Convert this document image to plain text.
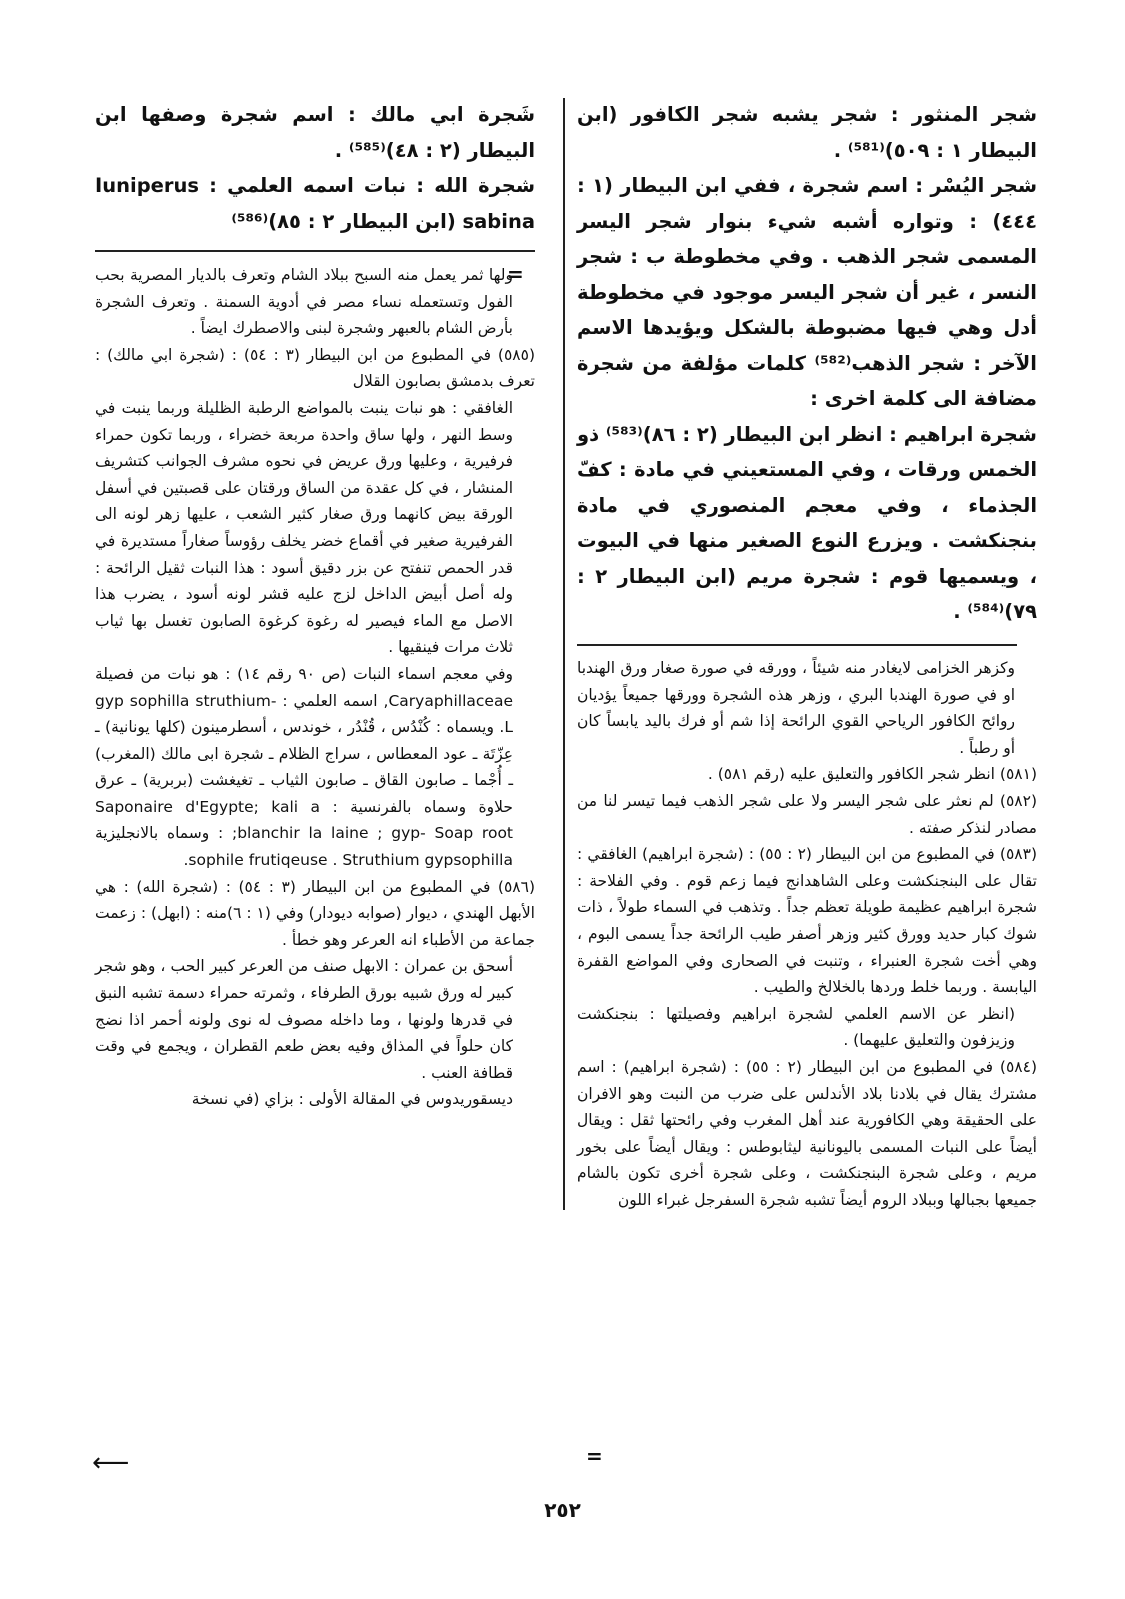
شجر المنثور : شجر يشبه شجر الكافور (ابن البيطار ١ : ٥٠٩)⁽⁵⁸¹⁾ .

شجر اليُسْر : اسم شجرة ، ففي ابن البيطار (١ : ٤٤٤) : وتواره أشبه شيء بنوار شجر اليسر المسمى شجر الذهب . وفي مخطوطة ب : شجر النسر ، غير أن شجر اليسر موجود في مخطوطة أدل وهي فيها مضبوطة بالشكل ويؤيدها الاسم الآخر : شجر الذهب⁽⁵⁸²⁾ كلمات مؤلفة من شجرة مضافة الى كلمة اخرى :

شجرة ابراهيم : انظر ابن البيطار (٢ : ٨٦)⁽⁵⁸³⁾ ذو الخمس ورقات ، وفي المستعيني في مادة : كفّ الجذماء ، وفي معجم المنصوري في مادة بنجنكشت . ويزرع النوع الصغير منها في البيوت ، ويسميها قوم : شجرة مريم (ابن البيطار ٢ : ٧٩)⁽⁵⁸⁴⁾ .

شَجرة ابي مالك : اسم شجرة وصفها ابن البيطار (٢ : ٤٨)⁽⁵⁸⁵⁾ .

شجرة الله : نبات اسمه العلمي : Iuniperus sabina (ابن البيطار ٢ : ٨٥)⁽⁵⁸⁶⁾

=
=

وكزهر الخزامى لايغادر منه شيئاً ، وورقه في صورة صغار ورق الهندبا او في صورة الهندبا البري ، وزهر هذه الشجرة وورقها جميعاً يؤديان روائح الكافور الرياحي القوي الرائحة إذا شم أو فرك باليد يابساً كان أو رطباً .

(٥٨١) انظر شجر الكافور والتعليق عليه (رقم ٥٨١) .

(٥٨٢) لم نعثر على شجر اليسر ولا على شجر الذهب فيما تيسر لنا من مصادر لنذكر صفته .

(٥٨٣) في المطبوع من ابن البيطار (٢ : ٥٥) : (شجرة ابراهيم) الغافقي : تقال على البنجنكشت وعلى الشاهدانج فيما زعم قوم . وفي الفلاحة : شجرة ابراهيم عظيمة طويلة تعظم جداً . وتذهب في السماء طولاً ، ذات شوك كبار حديد وورق كثير وزهر أصفر طيب الرائحة جداً يسمى البوم ، وهي أخت شجرة العنبراء ، وتنبت في الصحارى وفي المواضع القفرة اليابسة . وربما خلط وردها بالخلالخ والطيب .

(انظر عن الاسم العلمي لشجرة ابراهيم وفصيلتها : بنجنكشت وزيزفون والتعليق عليهما) .

(٥٨٤) في المطبوع من ابن البيطار (٢ : ٥٥) : (شجرة ابراهيم) : اسم مشترك يقال في بلادنا بلاد الأندلس على ضرب من النبت وهو الافران على الحقيقة وهي الكافورية عند أهل المغرب وفي رائحتها ثقل : ويقال أيضاً على النبات المسمى باليونانية ليثابوطس : ويقال أيضاً على بخور مريم ، وعلى شجرة البنجنكشت ، وعلى شجرة أخرى تكون بالشام جميعها بجبالها وببلاد الروم أيضاً تشبه شجرة السفرجل غبراء اللون

ولها ثمر يعمل منه السبح ببلاد الشام وتعرف بالديار المصرية بحب الفول وتستعمله نساء مصر في أدوية السمنة . وتعرف الشجرة بأرض الشام بالعبهر وشجرة لبنى والاصطرك ايضاً .

(٥٨٥) في المطبوع من ابن البيطار (٣ : ٥٤) : (شجرة ابي مالك) : تعرف بدمشق بصابون القلال

الغافقي : هو نبات ينبت بالمواضع الرطبة الظليلة وربما ينبت في وسط النهر ، ولها ساق واحدة مربعة خضراء ، وربما تكون حمراء فرفيرية ، وعليها ورق عريض في نحوه مشرف الجوانب كتشريف المنشار ، في كل عقدة من الساق ورقتان على قصبتين في أسفل الورقة بيض كانهما ورق صغار كثير الشعب ، عليها زهر لونه الى الفرفيرية صغير في أقماع خضر يخلف رؤوساً صغاراً مستديرة في قدر الحمص تنفتح عن بزر دقيق أسود : هذا النبات ثقيل الرائحة : وله أصل أبيض الداخل لزج عليه قشر لونه أسود ، يضرب هذا الاصل مع الماء فيصير له رغوة كرغوة الصابون تغسل بها ثياب ثلاث مرات فينقيها .

وفي معجم اسماء النبات (ص ٩٠ رقم ١٤) : هو نبات من فصيلة Caryaphillaceae, اسمه العلمي : -gyp sophilla struthium L. ويسماه : كُنْدُس ، قُنْدُر ، خوندس ، أسطرمينون (كلها يونانية) ـ عِزّتَة ـ عود المعطاس ، سراج الظلام ـ شجرة ابى مالك (المغرب) ـ أُجْما ـ صابون القاق ـ صابون الثياب ـ تغيغشت (بربرية) ـ عرق حلاوة وسماه بالفرنسية : Saponaire d'Egypte; kali a blanchir la laine ; gyp- Soap root; : وسماه بالانجليزية sophile frutiqeuse . Struthium gypsophilla.

(٥٨٦) في المطبوع من ابن البيطار (٣ : ٥٤) : (شجرة الله) : هي الأبهل الهندي ، ديوار (صوابه ديودار) وفي (١ : ٦)منه : (ابهل) : زعمت جماعة من الأطباء انه العرعر وهو خطأ .

أسحق بن عمران : الابهل صنف من العرعر كبير الحب ، وهو شجر كبير له ورق شبيه بورق الطرفاء ، وثمرته حمراء دسمة تشبه النبق في قدرها ولونها ، وما داخله مصوف له نوى ولونه أحمر اذا نضج كان حلواً في المذاق وفيه بعض طعم القطران ، ويجمع في وقت قطافة العنب .

ديسقوريدوس في المقالة الأولى : بزاي (في نسخة

⟵
٢٥٢
